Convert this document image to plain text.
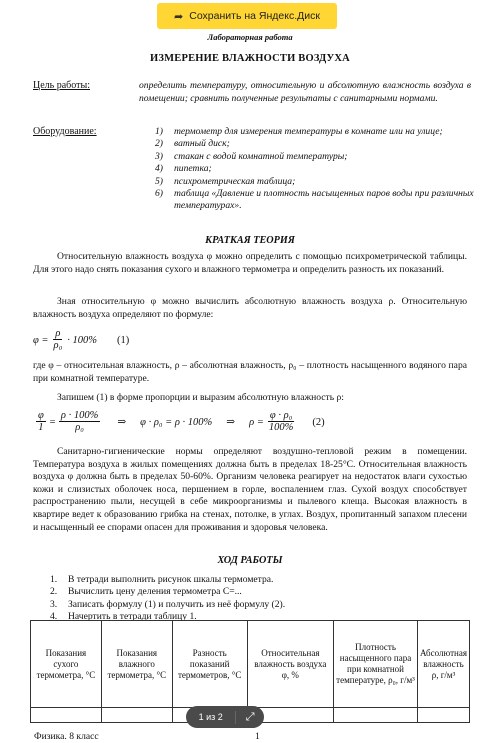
➦ Сохранить на Яндекс.Диск
Лабораторная работа
ИЗМЕРЕНИЕ ВЛАЖНОСТИ ВОЗДУХА
Цель работы:	определить температуру, относительную и абсолютную влажность воздуха в помещении; сравнить полученные результаты с санитарными нормами.
Оборудование:	1) термометр для измерения температуры в комнате или на улице;
2) ватный диск;
3) стакан с водой комнатной температуры;
4) пипетка;
5) психрометрическая таблица;
6) таблица «Давление и плотность насыщенных паров воды при различных температурах».
КРАТКАЯ ТЕОРИЯ
Относительную влажность воздуха φ можно определить с помощью психрометрической таблицы. Для этого надо снять показания сухого и влажного термометра и определить разность их показаний.
Зная относительную φ можно вычислить абсолютную влажность воздуха ρ. Относительную влажность воздуха определяют по формуле:
$\varphi = \frac{\rho}{\text{ρ₀}} \cdot 100\%$ (1)
где φ – относительная влажность, ρ – абсолютная влажность, ρ₀ – плотность насыщенного водяного пара при комнатной температуре.
Запишем (1) в форме пропорции и выразим абсолютную влажность ρ:
$\frac{\varphi}{1} = \frac{\rho \cdot 100\%}{\text{ρ₀}}$ ⇒ φ · ρ₀ = ρ · 100% ⇒ $\rho = \frac{\text{φ · ρ₀}}{100\%} (2)$
Санитарно-гигиенические нормы определяют воздушно-тепловой режим в помещении. Температура воздуха в жилых помещениях должна быть в пределах 18-25°С. Относительная влажность воздуха φ должна быть в пределах 50-60%. Организм человека реагирует на недостаток влаги сухостью кожи и слизистых оболочек носа, першением в горле, воспалением глаз. Сухой воздух способствует распространению пыли, несущей в себе микроорганизмы и пылевого клеща. Высокая влажность в квартире ведет к образованию грибка на стенах, потолке, в углах. Воздух, пропитанный запахом плесени и насыщенный ее спорами опасен для проживания и здоровья человека.
ХОД РАБОТЫ
1. В тетради выполнить рисунок шкалы термометра.
2. Вычислить цену деления термометра С=...
3. Записать формулу (1) и получить из неё формулу (2).
4. Начертить в тетради таблицу 1.
Показания сухого термометра, °С	Показания влажного термометра, °С	Разность показаний термометров, °С	Относительная влажность воздуха φ, %	Плотность насыщенного пара при комнатной температуре, ρ₀, г/м³	Абсолютная влажность ρ, г/м³

1 из 2	⤢
Физика. 8 класс	1
